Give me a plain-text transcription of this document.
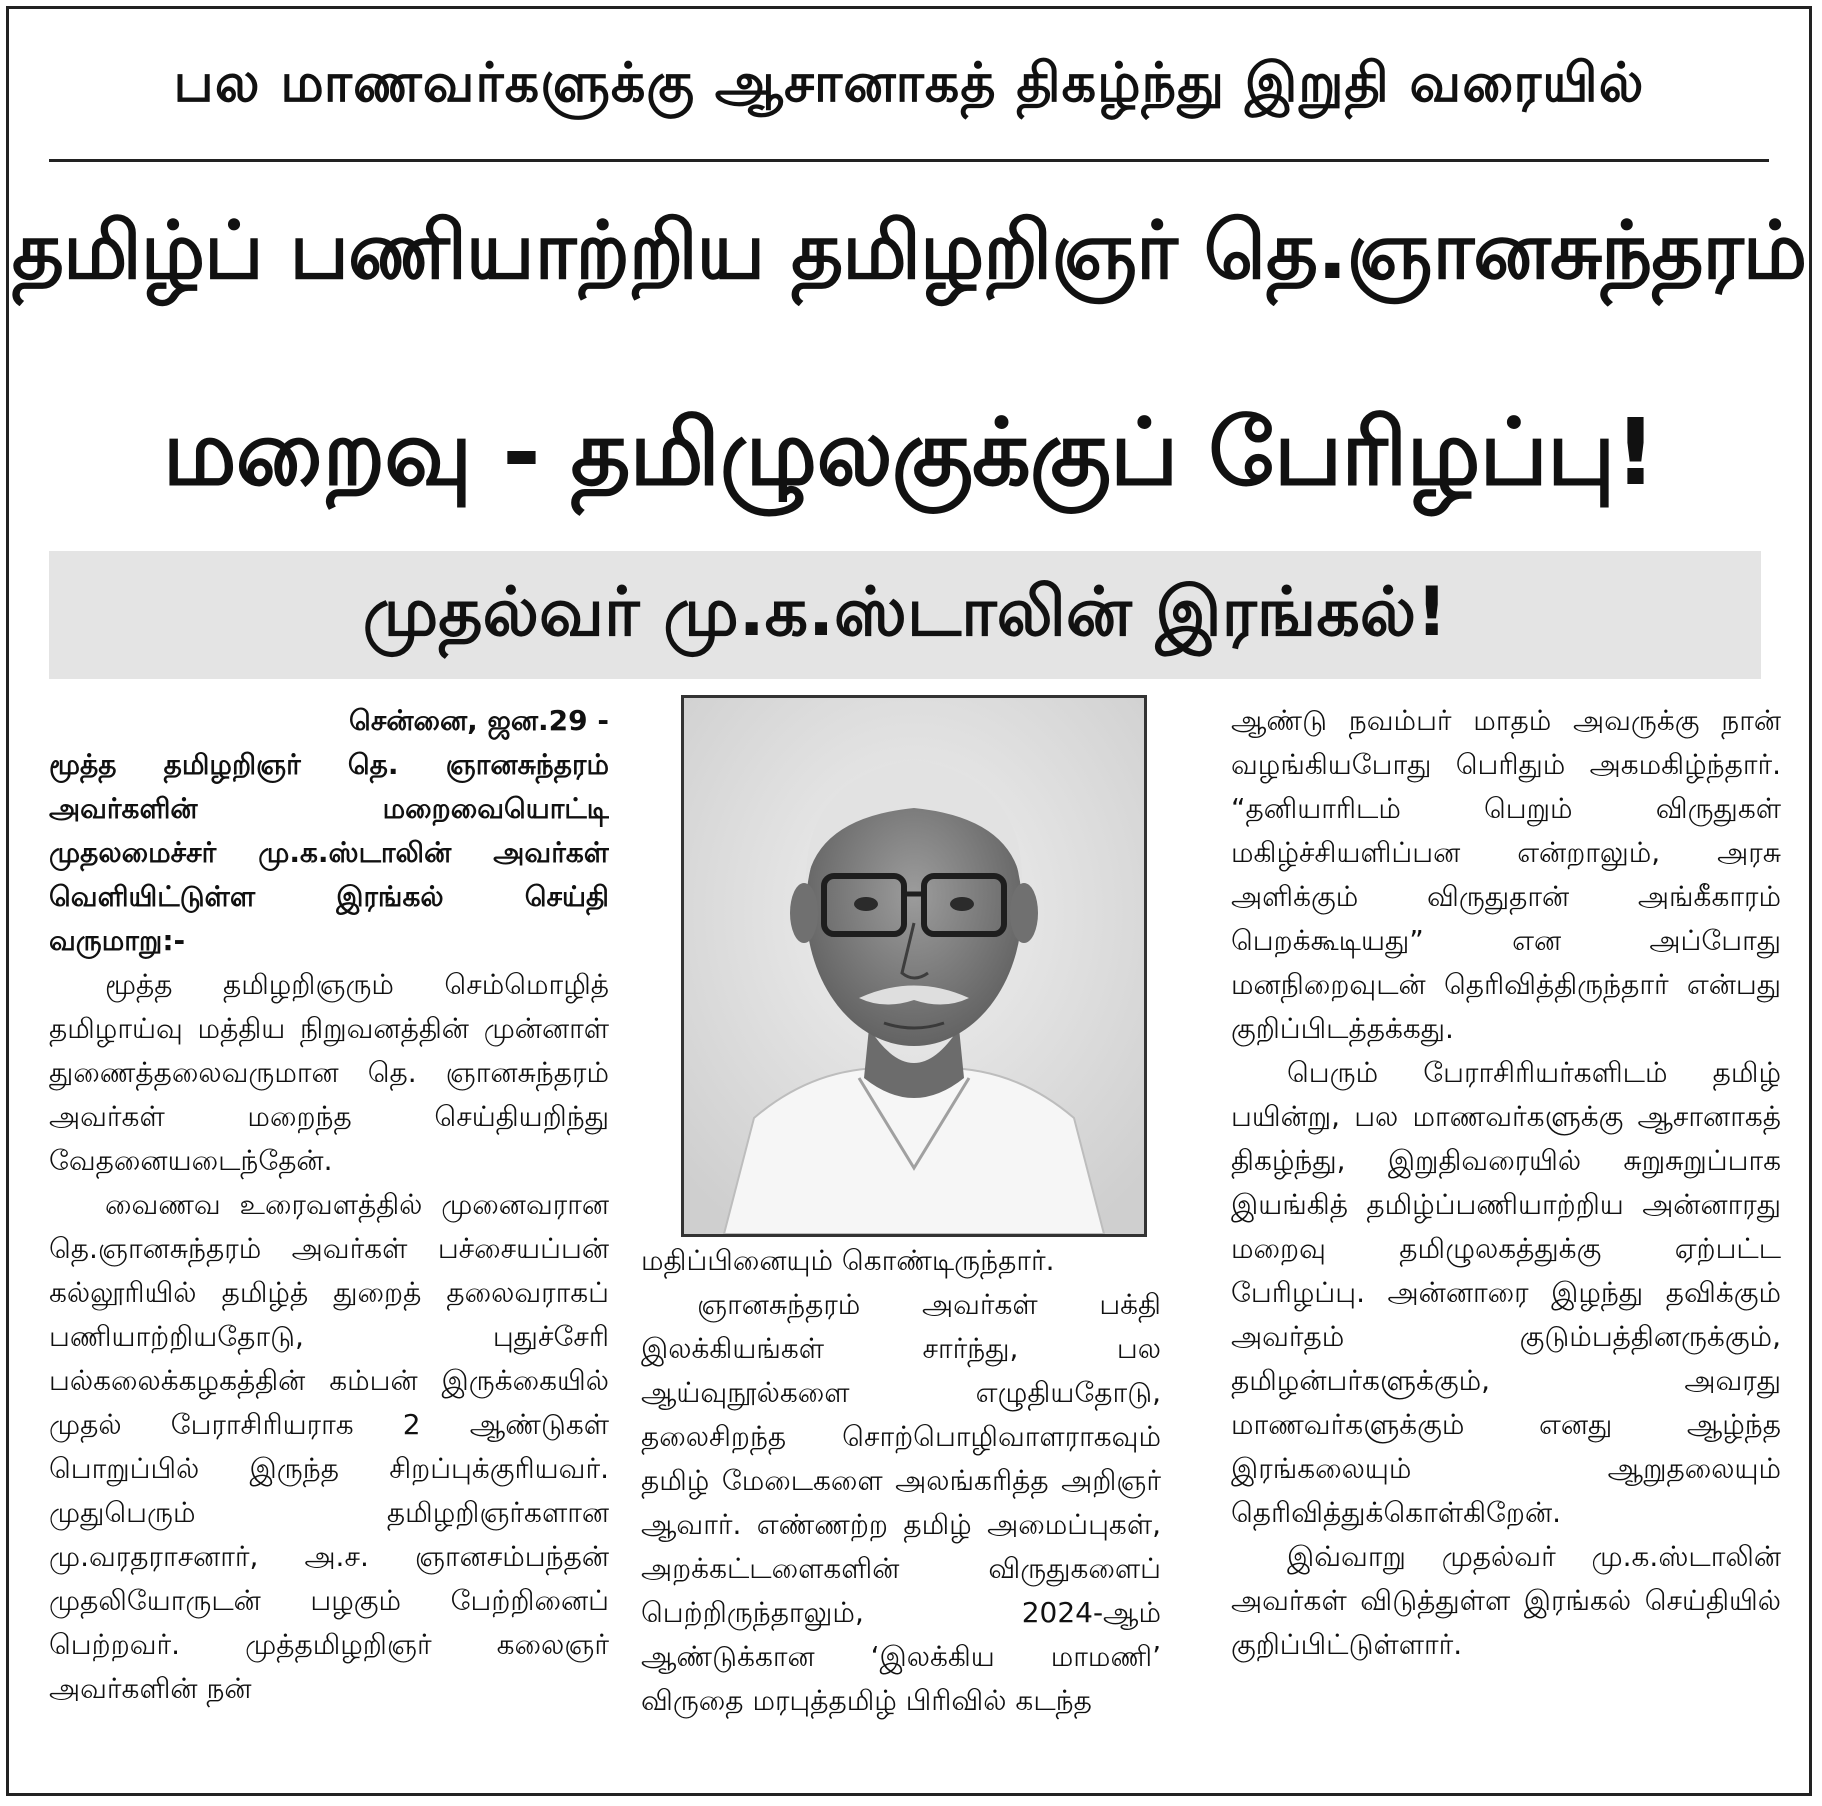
பல மாணவர்களுக்கு ஆசானாகத் திகழ்ந்து இறுதி வரையில்
தமிழ்ப் பணியாற்றிய தமிழறிஞர் தெ.ஞானசுந்தரம்
மறைவு - தமிழுலகுக்குப் பேரிழப்பு!
முதல்வர் மு.க.ஸ்டாலின் இரங்கல்!

சென்னை, ஜன.29 -

மூத்த தமிழறிஞர் தெ. ஞானசுந்தரம் அவர்களின் மறைவையொட்டி முதலமைச்சர் மு.க.ஸ்டாலின் அவர்கள் வெளியிட்டுள்ள இரங்கல் செய்தி வருமாறு:-

மூத்த தமிழறிஞரும் செம்மொழித் தமிழாய்வு மத்திய நிறுவனத்தின் முன்னாள் துணைத்தலைவருமான தெ. ஞானசுந்தரம் அவர்கள் மறைந்த செய்தியறிந்து வேதனையடைந்தேன்.

வைணவ உரைவளத்தில் முனைவரான தெ.ஞானசுந்தரம் அவர்கள் பச்சையப்பன் கல்லூரியில் தமிழ்த் துறைத் தலைவராகப் பணியாற்றியதோடு, புதுச்சேரி பல்கலைக்கழகத்தின் கம்பன் இருக்கையில் முதல் பேராசிரியராக 2 ஆண்டுகள் பொறுப்பில் இருந்த சிறப்புக்குரியவர். முதுபெரும் தமிழறிஞர்களான மு.வரதராசனார், அ.ச. ஞானசம்பந்தன் முதலியோருடன் பழகும் பேற்றினைப் பெற்றவர். முத்தமிழறிஞர் கலைஞர் அவர்களின் நன்

மதிப்பினையும் கொண்டிருந்தார்.

ஞானசுந்தரம் அவர்கள் பக்தி இலக்கியங்கள் சார்ந்து, பல ஆய்வுநூல்களை எழுதியதோடு, தலைசிறந்த சொற்பொழிவாளராகவும் தமிழ் மேடைகளை அலங்கரித்த அறிஞர் ஆவார். எண்ணற்ற தமிழ் அமைப்புகள், அறக்கட்டளைகளின் விருதுகளைப் பெற்றிருந்தாலும், 2024-ஆம் ஆண்டுக்கான ‘இலக்கிய மாமணி’ விருதை மரபுத்தமிழ் பிரிவில் கடந்த

ஆண்டு நவம்பர் மாதம் அவருக்கு நான் வழங்கியபோது பெரிதும் அகமகிழ்ந்தார். “தனியாரிடம் பெறும் விருதுகள் மகிழ்ச்சியளிப்பன என்றாலும், அரசு அளிக்கும் விருதுதான் அங்கீகாரம் பெறக்கூடியது” என அப்போது மனநிறைவுடன் தெரிவித்திருந்தார் என்பது குறிப்பிடத்தக்கது.

பெரும் பேராசிரியர்களிடம் தமிழ் பயின்று, பல மாணவர்களுக்கு ஆசானாகத் திகழ்ந்து, இறுதிவரையில் சுறுசுறுப்பாக இயங்கித் தமிழ்ப்பணியாற்றிய அன்னாரது மறைவு தமிழுலகத்துக்கு ஏற்பட்ட பேரிழப்பு. அன்னாரை இழந்து தவிக்கும் அவர்தம் குடும்பத்தினருக்கும், தமிழன்பர்களுக்கும், அவரது மாணவர்களுக்கும் எனது ஆழ்ந்த இரங்கலையும் ஆறுதலையும் தெரிவித்துக்கொள்கிறேன்.

இவ்வாறு முதல்வர் மு.க.ஸ்டாலின் அவர்கள் விடுத்துள்ள இரங்கல் செய்தியில் குறிப்பிட்டுள்ளார்.
